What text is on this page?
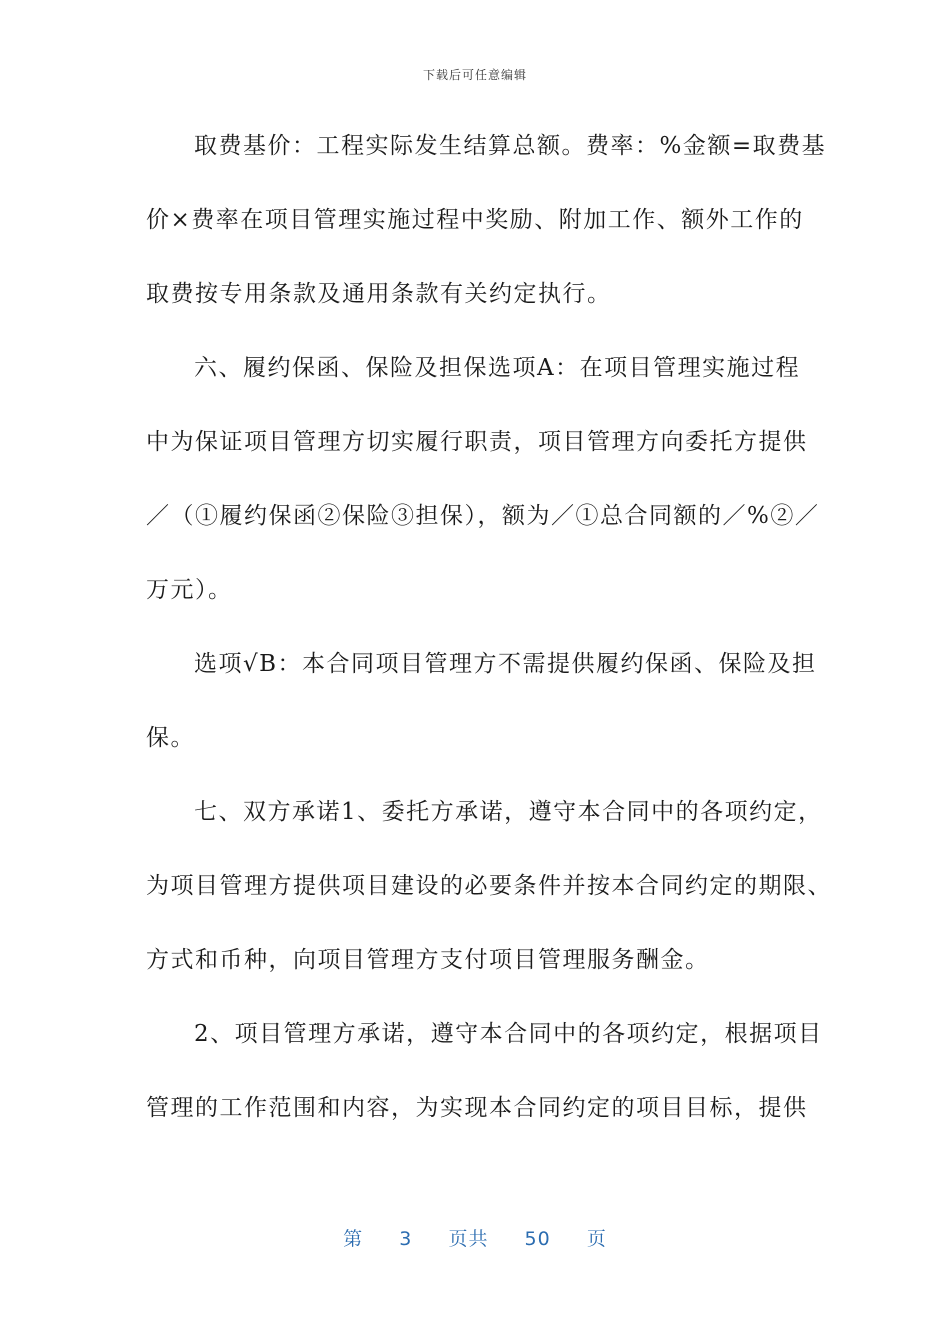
下载后可任意编辑
取费基价：工程实际发生结算总额。费率：%金额=取费基
价×费率在项目管理实施过程中奖励、附加工作、额外工作的
取费按专用条款及通用条款有关约定执行。
六、履约保函、保险及担保选项A：在项目管理实施过程
中为保证项目管理方切实履行职责，项目管理方向委托方提供
／（①履约保函②保险③担保），额为／①总合同额的／%②／
万元）。
选项√B：本合同项目管理方不需提供履约保函、保险及担
保。
七、双方承诺1、委托方承诺，遵守本合同中的各项约定，
为项目管理方提供项目建设的必要条件并按本合同约定的期限、
方式和币种，向项目管理方支付项目管理服务酬金。
2、项目管理方承诺，遵守本合同中的各项约定，根据项目
管理的工作范围和内容，为实现本合同约定的项目目标，提供
第 3 页共 50 页
